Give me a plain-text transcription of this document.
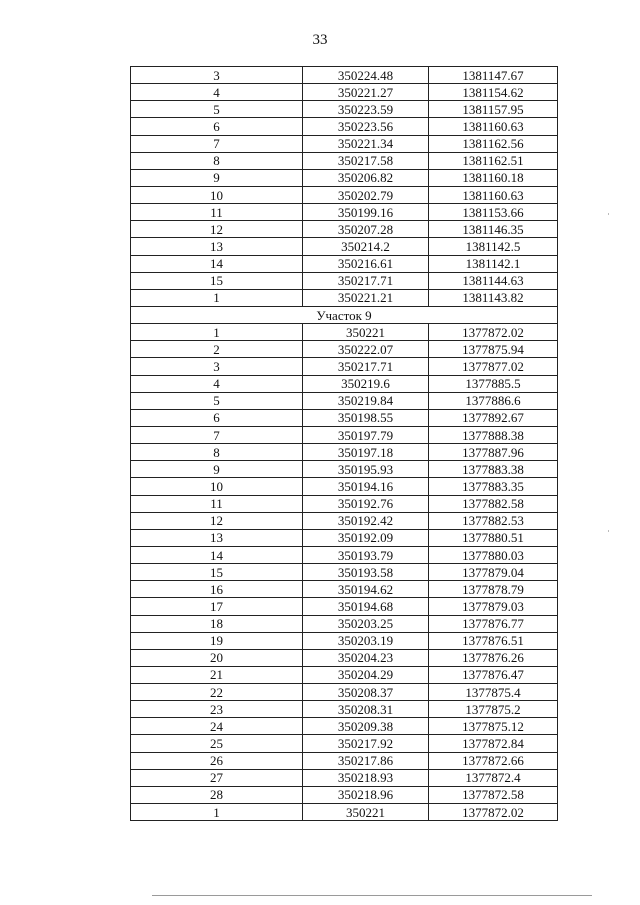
33
3	350224.48	1381147.67
4	350221.27	1381154.62
5	350223.59	1381157.95
6	350223.56	1381160.63
7	350221.34	1381162.56
8	350217.58	1381162.51
9	350206.82	1381160.18
10	350202.79	1381160.63
11	350199.16	1381153.66
12	350207.28	1381146.35
13	350214.2	1381142.5
14	350216.61	1381142.1
15	350217.71	1381144.63
1	350221.21	1381143.82
Участок 9		
1	350221	1377872.02
2	350222.07	1377875.94
3	350217.71	1377877.02
4	350219.6	1377885.5
5	350219.84	1377886.6
6	350198.55	1377892.67
7	350197.79	1377888.38
8	350197.18	1377887.96
9	350195.93	1377883.38
10	350194.16	1377883.35
11	350192.76	1377882.58
12	350192.42	1377882.53
13	350192.09	1377880.51
14	350193.79	1377880.03
15	350193.58	1377879.04
16	350194.62	1377878.79
17	350194.68	1377879.03
18	350203.25	1377876.77
19	350203.19	1377876.51
20	350204.23	1377876.26
21	350204.29	1377876.47
22	350208.37	1377875.4
23	350208.31	1377875.2
24	350209.38	1377875.12
25	350217.92	1377872.84
26	350217.86	1377872.66
27	350218.93	1377872.4
28	350218.96	1377872.58
1	350221	1377872.02
